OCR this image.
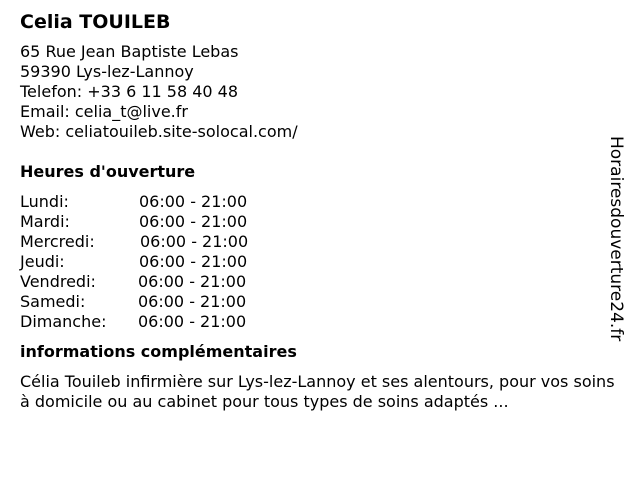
Celia TOUILEB
65 Rue Jean Baptiste Lebas
59390 Lys-lez-Lannoy
Telefon: +33 6 11 58 40 48
Email: celia_t@live.fr
Web: celiatouileb.site-solocal.com/
Heures d'ouverture
Lundi:	06:00 - 21:00
Mardi:	06:00 - 21:00
Mercredi:	06:00 - 21:00
Jeudi:	06:00 - 21:00
Vendredi:	06:00 - 21:00
Samedi:	06:00 - 21:00
Dimanche: 06:00 - 21:00
informations complémentaires
Célia Touileb infirmière sur Lys-lez-Lannoy et ses alentours, pour vos soins à domicile ou au cabinet pour tous types de soins adaptés ...
Horairesdouverture24.fr
